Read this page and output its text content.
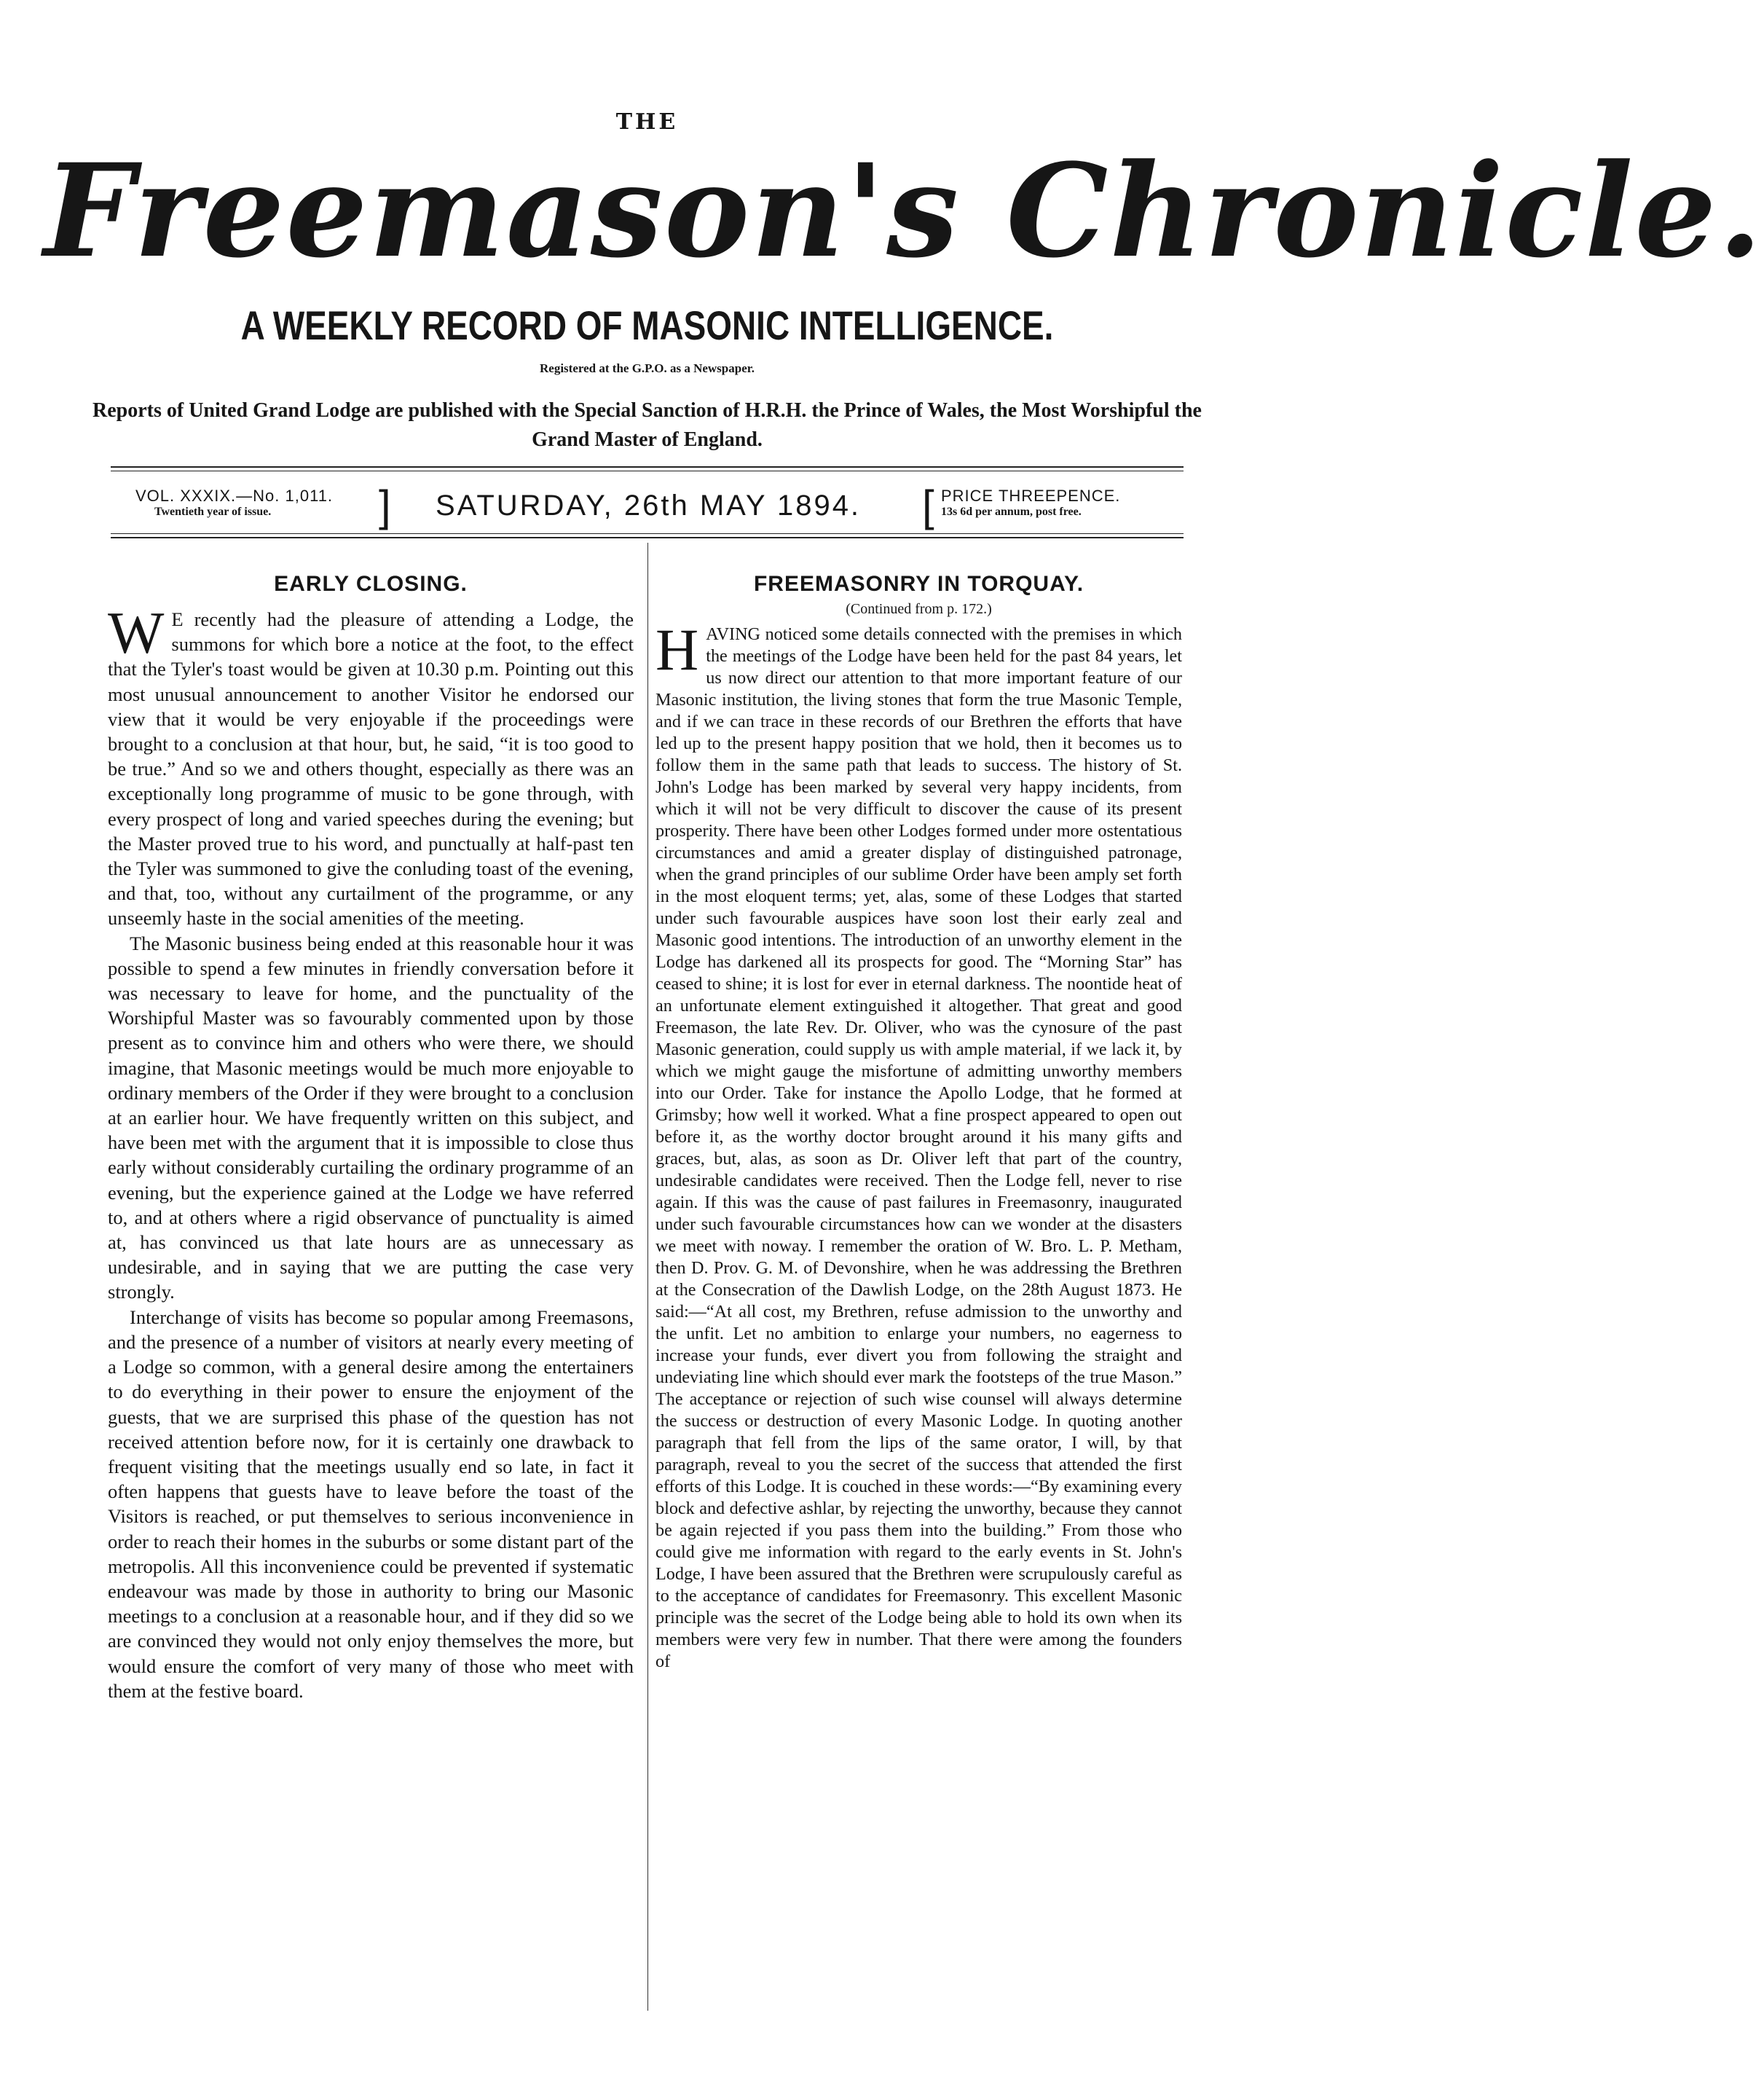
THE
Freemason's Chronicle.
A WEEKLY RECORD OF MASONIC INTELLIGENCE.
Registered at the G.P.O. as a Newspaper.
Reports of United Grand Lodge are published with the Special Sanction of H.R.H. the Prince of Wales, the Most Worshipful the Grand Master of England.
VOL. XXXIX.—No. 1,011.
Twentieth year of issue.	]	SATURDAY, 26th MAY 1894.	[ PRICE THREEPENCE.
13s 6d per annum, post free.
EARLY CLOSING.

W E recently had the pleasure of attending a Lodge, the summons for which bore a notice at the foot, to the effect that the Tyler's toast would be given at 10.30 p.m. Pointing out this most unusual announcement to another Visitor he endorsed our view that it would be very enjoyable if the proceedings were brought to a conclusion at that hour, but, he said, “it is too good to be true.” And so we and others thought, especially as there was an exceptionally long programme of music to be gone through, with every prospect of long and varied speeches during the evening; but the Master proved true to his word, and punctually at half-past ten the Tyler was summoned to give the conluding toast of the evening, and that, too, without any curtailment of the programme, or any unseemly haste in the social amenities of the meeting.

The Masonic business being ended at this reasonable hour it was possible to spend a few minutes in friendly conversation before it was necessary to leave for home, and the punctuality of the Worshipful Master was so favourably commented upon by those present as to convince him and others who were there, we should imagine, that Masonic meetings would be much more enjoyable to ordinary members of the Order if they were brought to a conclusion at an earlier hour. We have frequently written on this subject, and have been met with the argument that it is impossible to close thus early without considerably curtailing the ordinary programme of an evening, but the experience gained at the Lodge we have referred to, and at others where a rigid observance of punctuality is aimed at, has convinced us that late hours are as unnecessary as undesirable, and in saying that we are putting the case very strongly.

Interchange of visits has become so popular among Freemasons, and the presence of a number of visitors at nearly every meeting of a Lodge so common, with a general desire among the entertainers to do everything in their power to ensure the enjoyment of the guests, that we are surprised this phase of the question has not received attention before now, for it is certainly one drawback to frequent visiting that the meetings usually end so late, in fact it often happens that guests have to leave before the toast of the Visitors is reached, or put themselves to serious inconvenience in order to reach their homes in the suburbs or some distant part of the metropolis. All this inconvenience could be prevented if systematic endeavour was made by those in authority to bring our Masonic meetings to a conclusion at a reasonable hour, and if they did so we are convinced they would not only enjoy themselves the more, but would ensure the comfort of very many of those who meet with them at the festive board.

FREEMASONRY IN TORQUAY.
(Continued from p. 172.)

HAVING noticed some details connected with the premises in which the meetings of the Lodge have been held for the past 84 years, let us now direct our attention to that more important feature of our Masonic institution, the living stones that form the true Masonic Temple, and if we can trace in these records of our Brethren the efforts that have led up to the present happy position that we hold, then it becomes us to follow them in the same path that leads to success. The history of St. John's Lodge has been marked by several very happy incidents, from which it will not be very difficult to discover the cause of its present prosperity. There have been other Lodges formed under more ostentatious circumstances and amid a greater display of distinguished patronage, when the grand principles of our sublime Order have been amply set forth in the most eloquent terms; yet, alas, some of these Lodges that started under such favourable auspices have soon lost their early zeal and Masonic good intentions. The introduction of an unworthy element in the Lodge has darkened all its prospects for good. The “Morning Star” has ceased to shine; it is lost for ever in eternal darkness. The noontide heat of an unfortunate element extinguished it altogether. That great and good Freemason, the late Rev. Dr. Oliver, who was the cynosure of the past Masonic generation, could supply us with ample material, if we lack it, by which we might gauge the misfortune of admitting unworthy members into our Order. Take for instance the Apollo Lodge, that he formed at Grimsby; how well it worked. What a fine prospect appeared to open out before it, as the worthy doctor brought around it his many gifts and graces, but, alas, as soon as Dr. Oliver left that part of the country, undesirable candidates were received. Then the Lodge fell, never to rise again. If this was the cause of past failures in Freemasonry, inaugurated under such favourable circumstances how can we wonder at the disasters we meet with noway. I remember the oration of W. Bro. L. P. Metham, then D. Prov. G. M. of Devonshire, when he was addressing the Brethren at the Consecration of the Dawlish Lodge, on the 28th August 1873. He said:—“At all cost, my Brethren, refuse admission to the unworthy and the unfit. Let no ambition to enlarge your numbers, no eagerness to increase your funds, ever divert you from following the straight and undeviating line which should ever mark the footsteps of the true Mason.” The acceptance or rejection of such wise counsel will always determine the success or destruction of every Masonic Lodge. In quoting another paragraph that fell from the lips of the same orator, I will, by that paragraph, reveal to you the secret of the success that attended the first efforts of this Lodge. It is couched in these words:—“By examining every block and defective ashlar, by rejecting the unworthy, because they cannot be again rejected if you pass them into the building.” From those who could give me information with regard to the early events in St. John's Lodge, I have been assured that the Brethren were scrupulously careful as to the acceptance of candidates for Freemasonry. This excellent Masonic principle was the secret of the Lodge being able to hold its own when its members were very few in number. That there were among the founders of
